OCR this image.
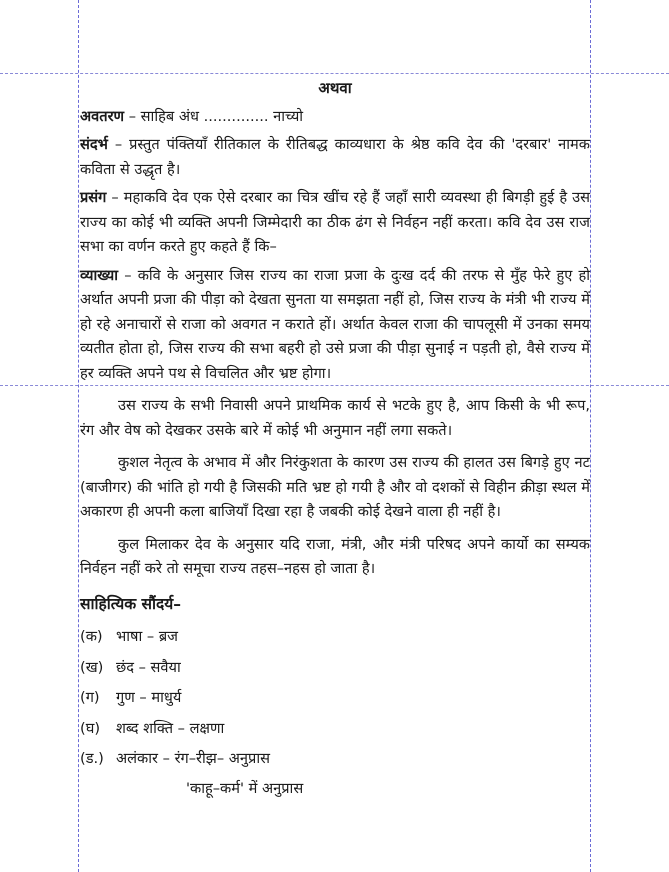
अथवा

अवतरण – साहिब अंध .............. नाच्यो

संदर्भ – प्रस्तुत पंक्तियाँ रीतिकाल के रीतिबद्ध काव्यधारा के श्रेष्ठ कवि देव की 'दरबार' नामक कविता से उद्धृत है।

प्रसंग – महाकवि देव एक ऐसे दरबार का चित्र खींच रहे हैं जहाँ सारी व्यवस्था ही बिगड़ी हुई है उस राज्य का कोई भी व्यक्ति अपनी जिम्मेदारी का ठीक ढंग से निर्वहन नहीं करता। कवि देव उस राज सभा का वर्णन करते हुए कहते हैं कि–

व्याख्या – कवि के अनुसार जिस राज्य का राजा प्रजा के दुःख दर्द की तरफ से मुँह फेरे हुए हो अर्थात अपनी प्रजा की पीड़ा को देखता सुनता या समझता नहीं हो, जिस राज्य के मंत्री भी राज्य में हो रहे अनाचारों से राजा को अवगत न कराते हों। अर्थात केवल राजा की चापलूसी में उनका समय व्यतीत होता हो, जिस राज्य की सभा बहरी हो उसे प्रजा की पीड़ा सुनाई न पड़ती हो, वैसे राज्य में हर व्यक्ति अपने पथ से विचलित और भ्रष्ट होगा।

उस राज्य के सभी निवासी अपने प्राथमिक कार्य से भटके हुए है, आप किसी के भी रूप, रंग और वेष को देखकर उसके बारे में कोई भी अनुमान नहीं लगा सकते।

कुशल नेतृत्व के अभाव में और निरंकुशता के कारण उस राज्य की हालत उस बिगड़े हुए नट (बाजीगर) की भांति हो गयी है जिसकी मति भ्रष्ट हो गयी है और वो दशकों से विहीन क्रीड़ा स्थल में अकारण ही अपनी कला बाजियाँ दिखा रहा है जबकी कोई देखने वाला ही नहीं है।

कुल मिलाकर देव के अनुसार यदि राजा, मंत्री, और मंत्री परिषद अपने कार्यो का सम्यक निर्वहन नहीं करे तो समूचा राज्य तहस–नहस हो जाता है।

साहित्यिक सौंदर्य–
(क) भाषा – ब्रज
(ख) छंद – सवैया
(ग)	गुण – माधुर्य
(घ)	शब्द शक्ति – लक्षणा
(ड.) अलंकार – रंग–रीझ– अनुप्रास
'काहू–कर्म' में अनुप्रास
